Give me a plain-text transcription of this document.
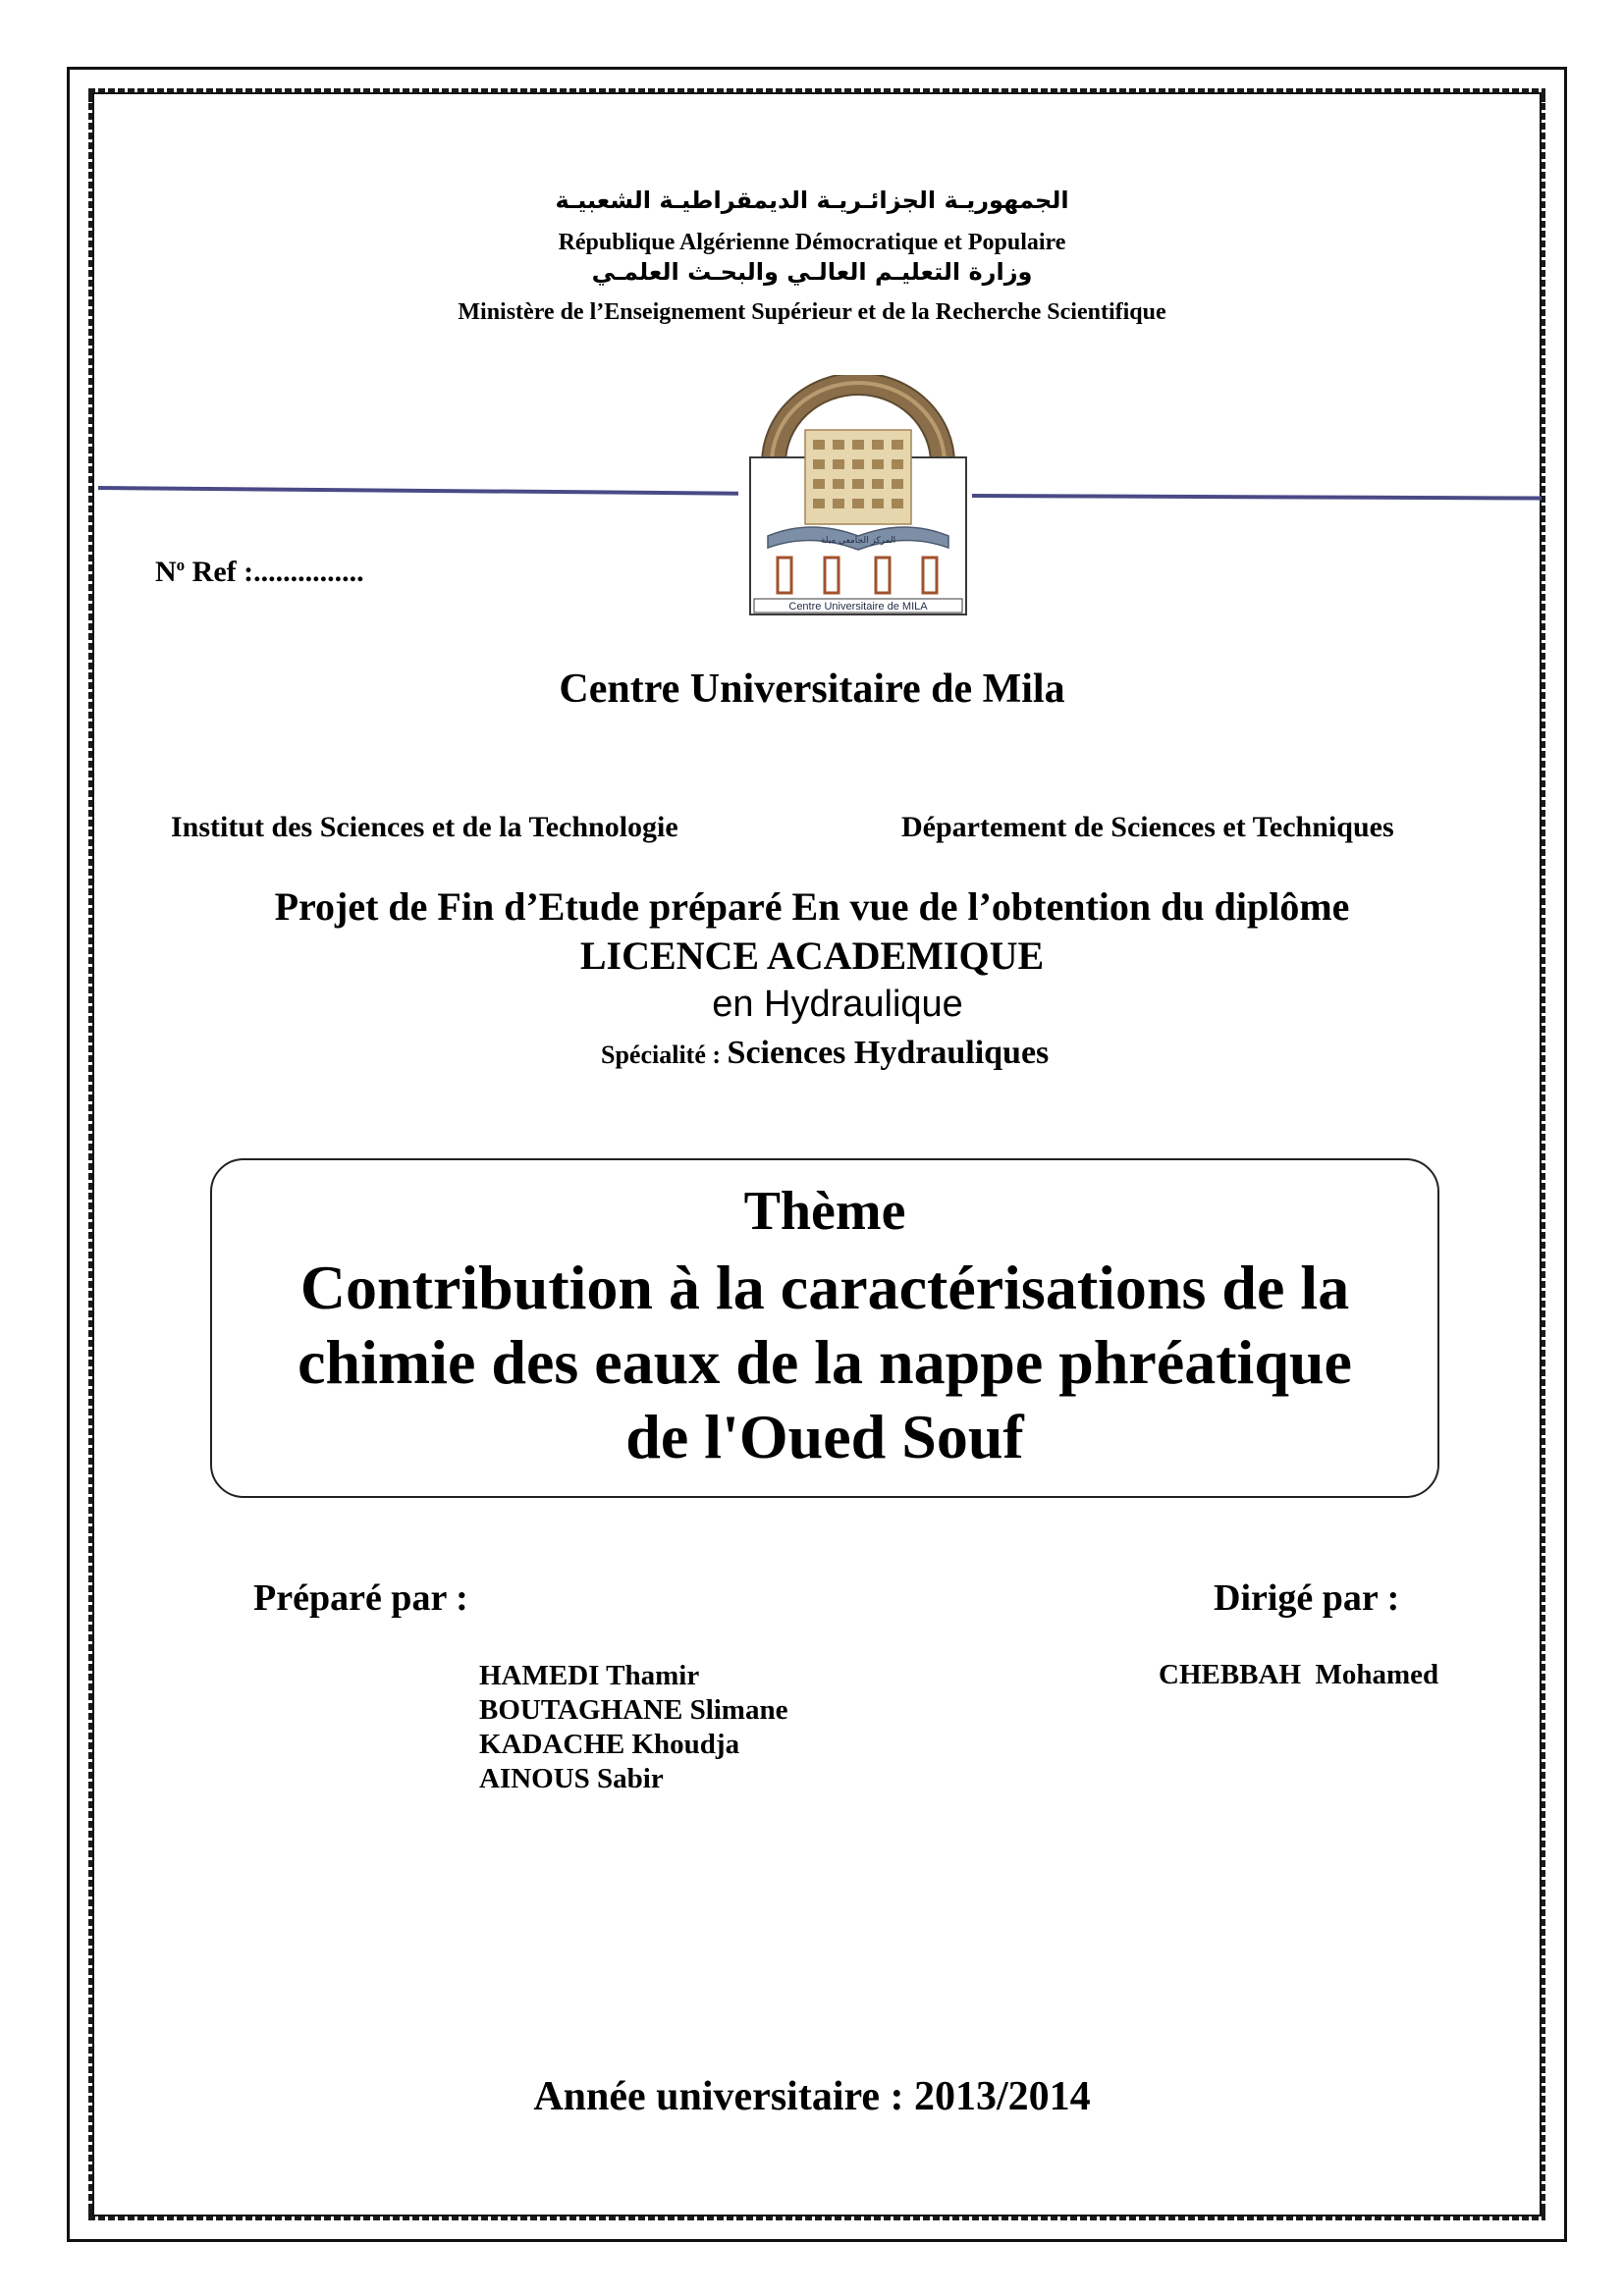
الجمهوريـة الجزائـريـة الديمقراطيـة الشعبيـة
République Algérienne Démocratique et Populaire
وزارة التعليـم العالـي والبحـث العلمـي
Ministère de l’Enseignement Supérieur et de la Recherche Scientifique
المركز الجامعي ميلة
Centre Universitaire de MILA
$N^o$ Ref :...............
Centre Universitaire de Mila
Institut des Sciences et de la Technologie	Département de Sciences et Techniques
Projet de Fin d’Etude préparé En vue de l’obtention du diplôme
LICENCE ACADEMIQUE
en Hydraulique
Spécialité : Sciences Hydrauliques
Thème
Contribution à la caractérisations de la
chimie des eaux de la nappe phréatique
de l'Oued Souf
Préparé par :	Dirigé par :
HAMEDI Thamir
BOUTAGHANE Slimane
KADACHE Khoudja
AINOUS Sabir
CHEBBAH  Mohamed
Année universitaire : 2013/2014
